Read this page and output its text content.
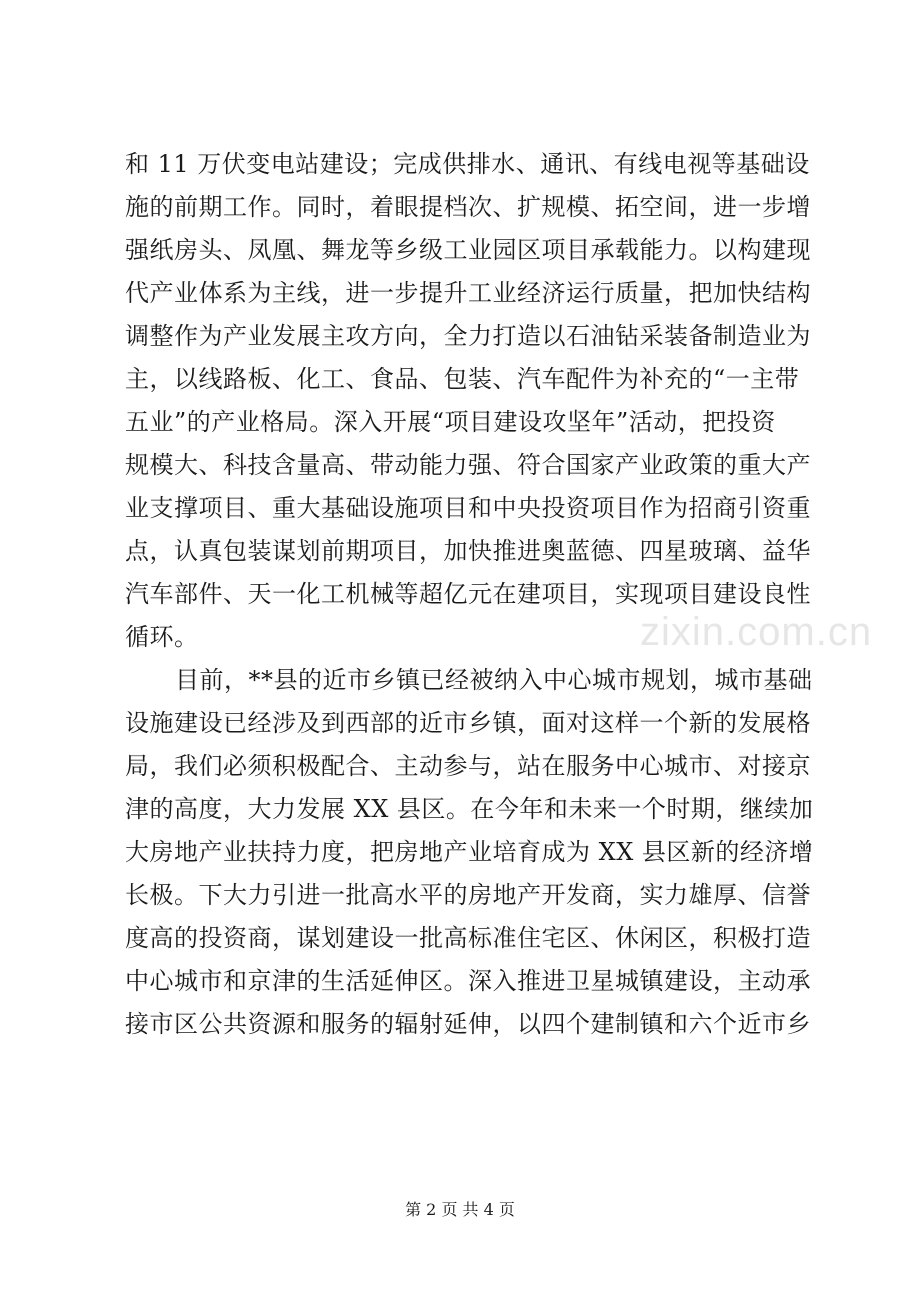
和 11 万伏变电站建设；完成供排水、通讯、有线电视等基础设
施的前期工作。同时，着眼提档次、扩规模、拓空间，进一步增
强纸房头、凤凰、舞龙等乡级工业园区项目承载能力。以构建现
代产业体系为主线，进一步提升工业经济运行质量，把加快结构
调整作为产业发展主攻方向，全力打造以石油钻采装备制造业为
主，以线路板、化工、食品、包装、汽车配件为补充的“一主带
五业”的产业格局。深入开展“项目建设攻坚年”活动，把投资
规模大、科技含量高、带动能力强、符合国家产业政策的重大产
业支撑项目、重大基础设施项目和中央投资项目作为招商引资重
点，认真包装谋划前期项目，加快推进奥蓝德、四星玻璃、益华
汽车部件、天一化工机械等超亿元在建项目，实现项目建设良性
循环。
目前，**县的近市乡镇已经被纳入中心城市规划，城市基础
设施建设已经涉及到西部的近市乡镇，面对这样一个新的发展格
局，我们必须积极配合、主动参与，站在服务中心城市、对接京
津的高度，大力发展 XX 县区。在今年和未来一个时期，继续加
大房地产业扶持力度，把房地产业培育成为 XX 县区新的经济增
长极。下大力引进一批高水平的房地产开发商，实力雄厚、信誉
度高的投资商，谋划建设一批高标准住宅区、休闲区，积极打造
中心城市和京津的生活延伸区。深入推进卫星城镇建设，主动承
接市区公共资源和服务的辐射延伸，以四个建制镇和六个近市乡
zixin.com.cn
第 2 页 共 4 页
